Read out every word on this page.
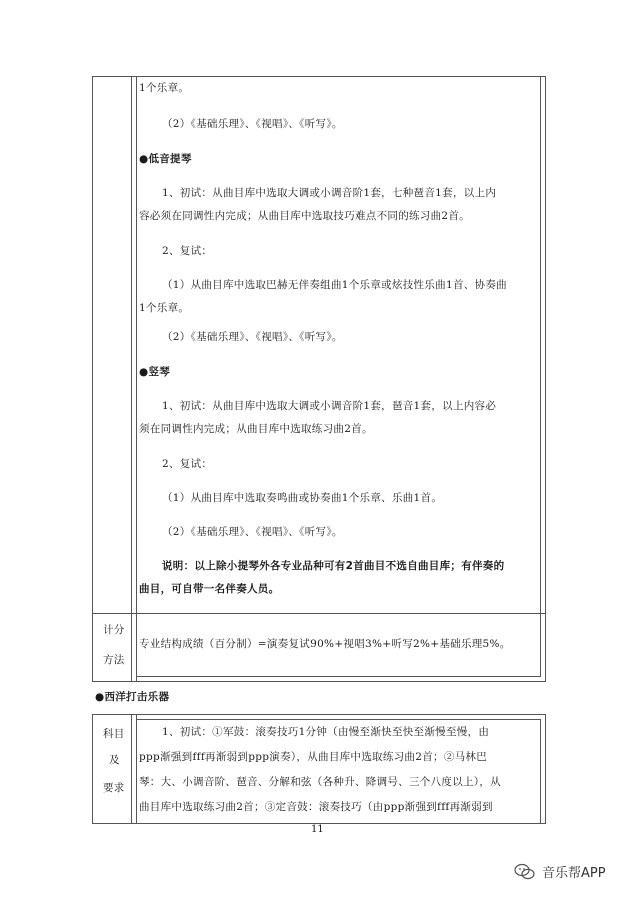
1个乐章。
（2）《基础乐理》、《视唱》、《听写》。
●低音提琴
1、初试：从曲目库中选取大调或小调音阶1套，七种琶音1套，以上内
容必须在同调性内完成；从曲目库中选取技巧难点不同的练习曲2首。
2、复试：
（1）从曲目库中选取巴赫无伴奏组曲1个乐章或炫技性乐曲1首、协奏曲
1个乐章。
（2）《基础乐理》、《视唱》、《听写》。
●竖琴
1、初试：从曲目库中选取大调或小调音阶1套，琶音1套，以上内容必
须在同调性内完成；从曲目库中选取练习曲2首。
2、复试：
（1）从曲目库中选取奏鸣曲或协奏曲1个乐章、乐曲1首。
（2）《基础乐理》、《视唱》、《听写》。
说明：以上除小提琴外各专业品种可有2首曲目不选自曲目库；有伴奏的
曲目，可自带一名伴奏人员。
计分
方法
专业结构成绩（百分制）=演奏复试90%+视唱3%+听写2%+基础乐理5%。
●西洋打击乐器
科目
及
要求
1、初试：①军鼓：滚奏技巧1分钟（由慢至渐快至快至渐慢至慢，由
ppp渐强到fff再渐弱到ppp演奏），从曲目库中选取练习曲2首；②马林巴
琴：大、小调音阶、琶音、分解和弦（各种升、降调号、三个八度以上），从
曲目库中选取练习曲2首；③定音鼓：滚奏技巧（由ppp渐强到fff再渐弱到
11
音乐帮APP
